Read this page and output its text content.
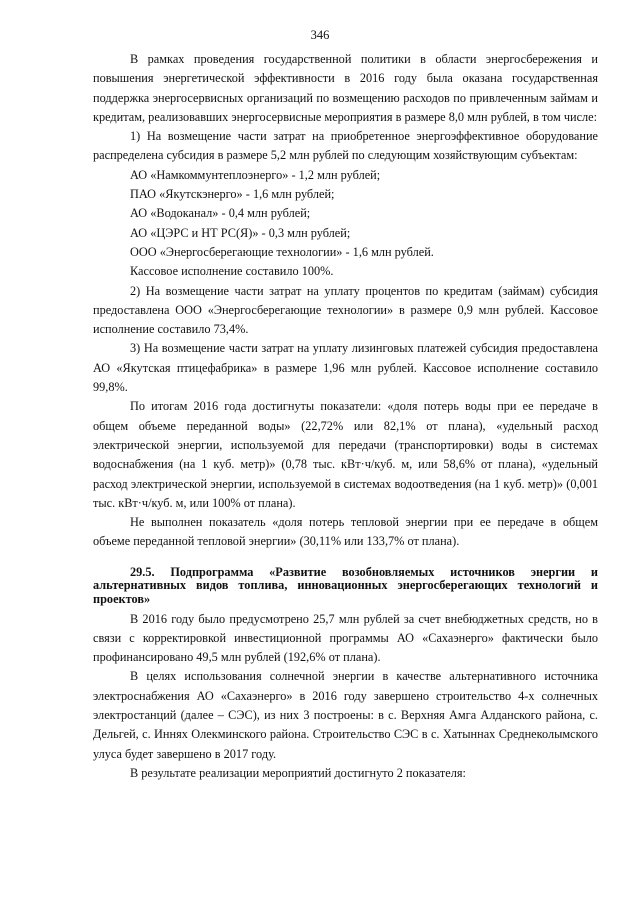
346

В рамках проведения государственной политики в области энергосбережения и повышения энергетической эффективности в 2016 году была оказана государственная поддержка энергосервисных организаций по возмещению расходов по привлеченным займам и кредитам, реализовавших энергосервисные мероприятия в размере 8,0 млн рублей, в том числе:

1) На возмещение части затрат на приобретенное энергоэффективное оборудование распределена субсидия в размере 5,2 млн рублей по следующим хозяйствующим субъектам:

АО «Намкоммунтеплоэнерго» - 1,2 млн рублей;

ПАО «Якутскэнерго» - 1,6 млн рублей;

АО «Водоканал» - 0,4 млн рублей;

АО «ЦЭРС и НТ РС(Я)» - 0,3 млн рублей;

ООО «Энергосберегающие технологии» - 1,6 млн рублей.

Кассовое исполнение составило 100%.

2) На возмещение части затрат на уплату процентов по кредитам (займам) субсидия предоставлена ООО «Энергосберегающие технологии» в размере 0,9 млн рублей. Кассовое исполнение составило 73,4%.

3) На возмещение части затрат на уплату лизинговых платежей субсидия предоставлена АО «Якутская птицефабрика» в размере 1,96 млн рублей. Кассовое исполнение составило 99,8%.

По итогам 2016 года достигнуты показатели: «доля потерь воды при ее передаче в общем объеме переданной воды» (22,72% или 82,1% от плана), «удельный расход электрической энергии, используемой для передачи (транспортировки) воды в системах водоснабжения (на 1 куб. метр)» (0,78 тыс. кВт·ч/куб. м, или 58,6% от плана), «удельный расход электрической энергии, используемой в системах водоотведения (на 1 куб. метр)» (0,001 тыс. кВт·ч/куб. м, или 100% от плана).

Не выполнен показатель «доля потерь тепловой энергии при ее передаче в общем объеме переданной тепловой энергии» (30,11% или 133,7% от плана).

29.5. Подпрограмма «Развитие возобновляемых источников энергии и альтернативных видов топлива, инновационных энергосберегающих технологий и проектов»

В 2016 году было предусмотрено 25,7 млн рублей за счет внебюджетных средств, но в связи с корректировкой инвестиционной программы АО «Сахаэнерго» фактически было профинансировано 49,5 млн рублей (192,6% от плана).

В целях использования солнечной энергии в качестве альтернативного источника электроснабжения АО «Сахаэнерго» в 2016 году завершено строительство 4-х солнечных электростанций (далее – СЭС), из них 3 построены: в с. Верхняя Амга Алданского района, с. Дельгей, с. Иннях Олекминского района. Строительство СЭС в с. Хатыннах Среднеколымского улуса будет завершено в 2017 году.

В результате реализации мероприятий достигнуто 2 показателя:
